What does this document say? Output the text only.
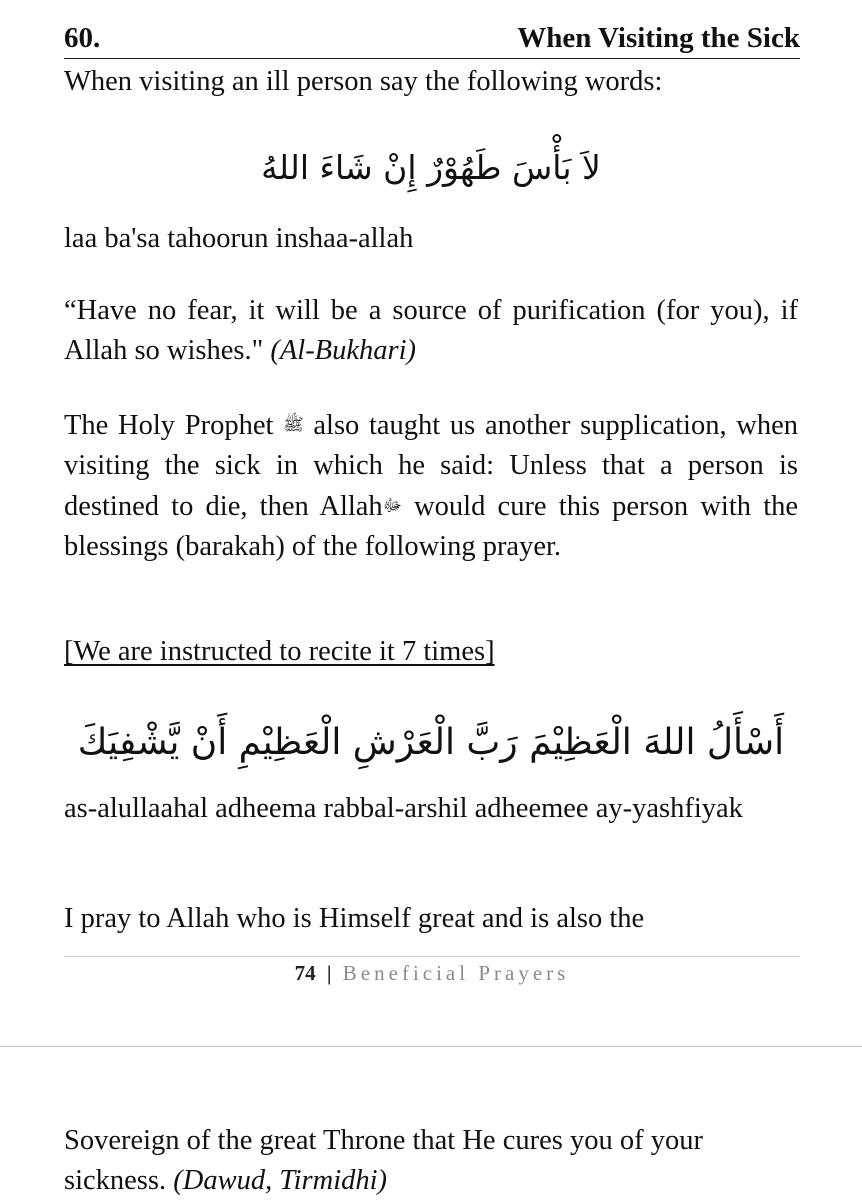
60.	When Visiting the Sick
When visiting an ill person say the following words:
لاَ بَأْسَ طَهُوْرٌ إِنْ شَاءَ اللهُ
laa ba'sa tahoorun inshaa-allah
“Have no fear, it will be a source of purification (for you), if Allah so wishes." (Al-Bukhari)
The Holy Prophet ﷺ also taught us another supplication, when visiting the sick in which he said: Unless that a person is destined to die, then Allahﷻ would cure this person with the blessings (barakah) of the following prayer.
[We are instructed to recite it 7 times]
أَسْأَلُ اللهَ الْعَظِيْمَ رَبَّ الْعَرْشِ الْعَظِيْمِ أَنْ يَّشْفِيَكَ
as-alullaahal adheema rabbal-arshil adheemee ay-yashfiyak
I pray to Allah who is Himself great and is also the
74 | Beneficial Prayers
Sovereign of the great Throne that He cures you of your sickness. (Dawud, Tirmidhi)
